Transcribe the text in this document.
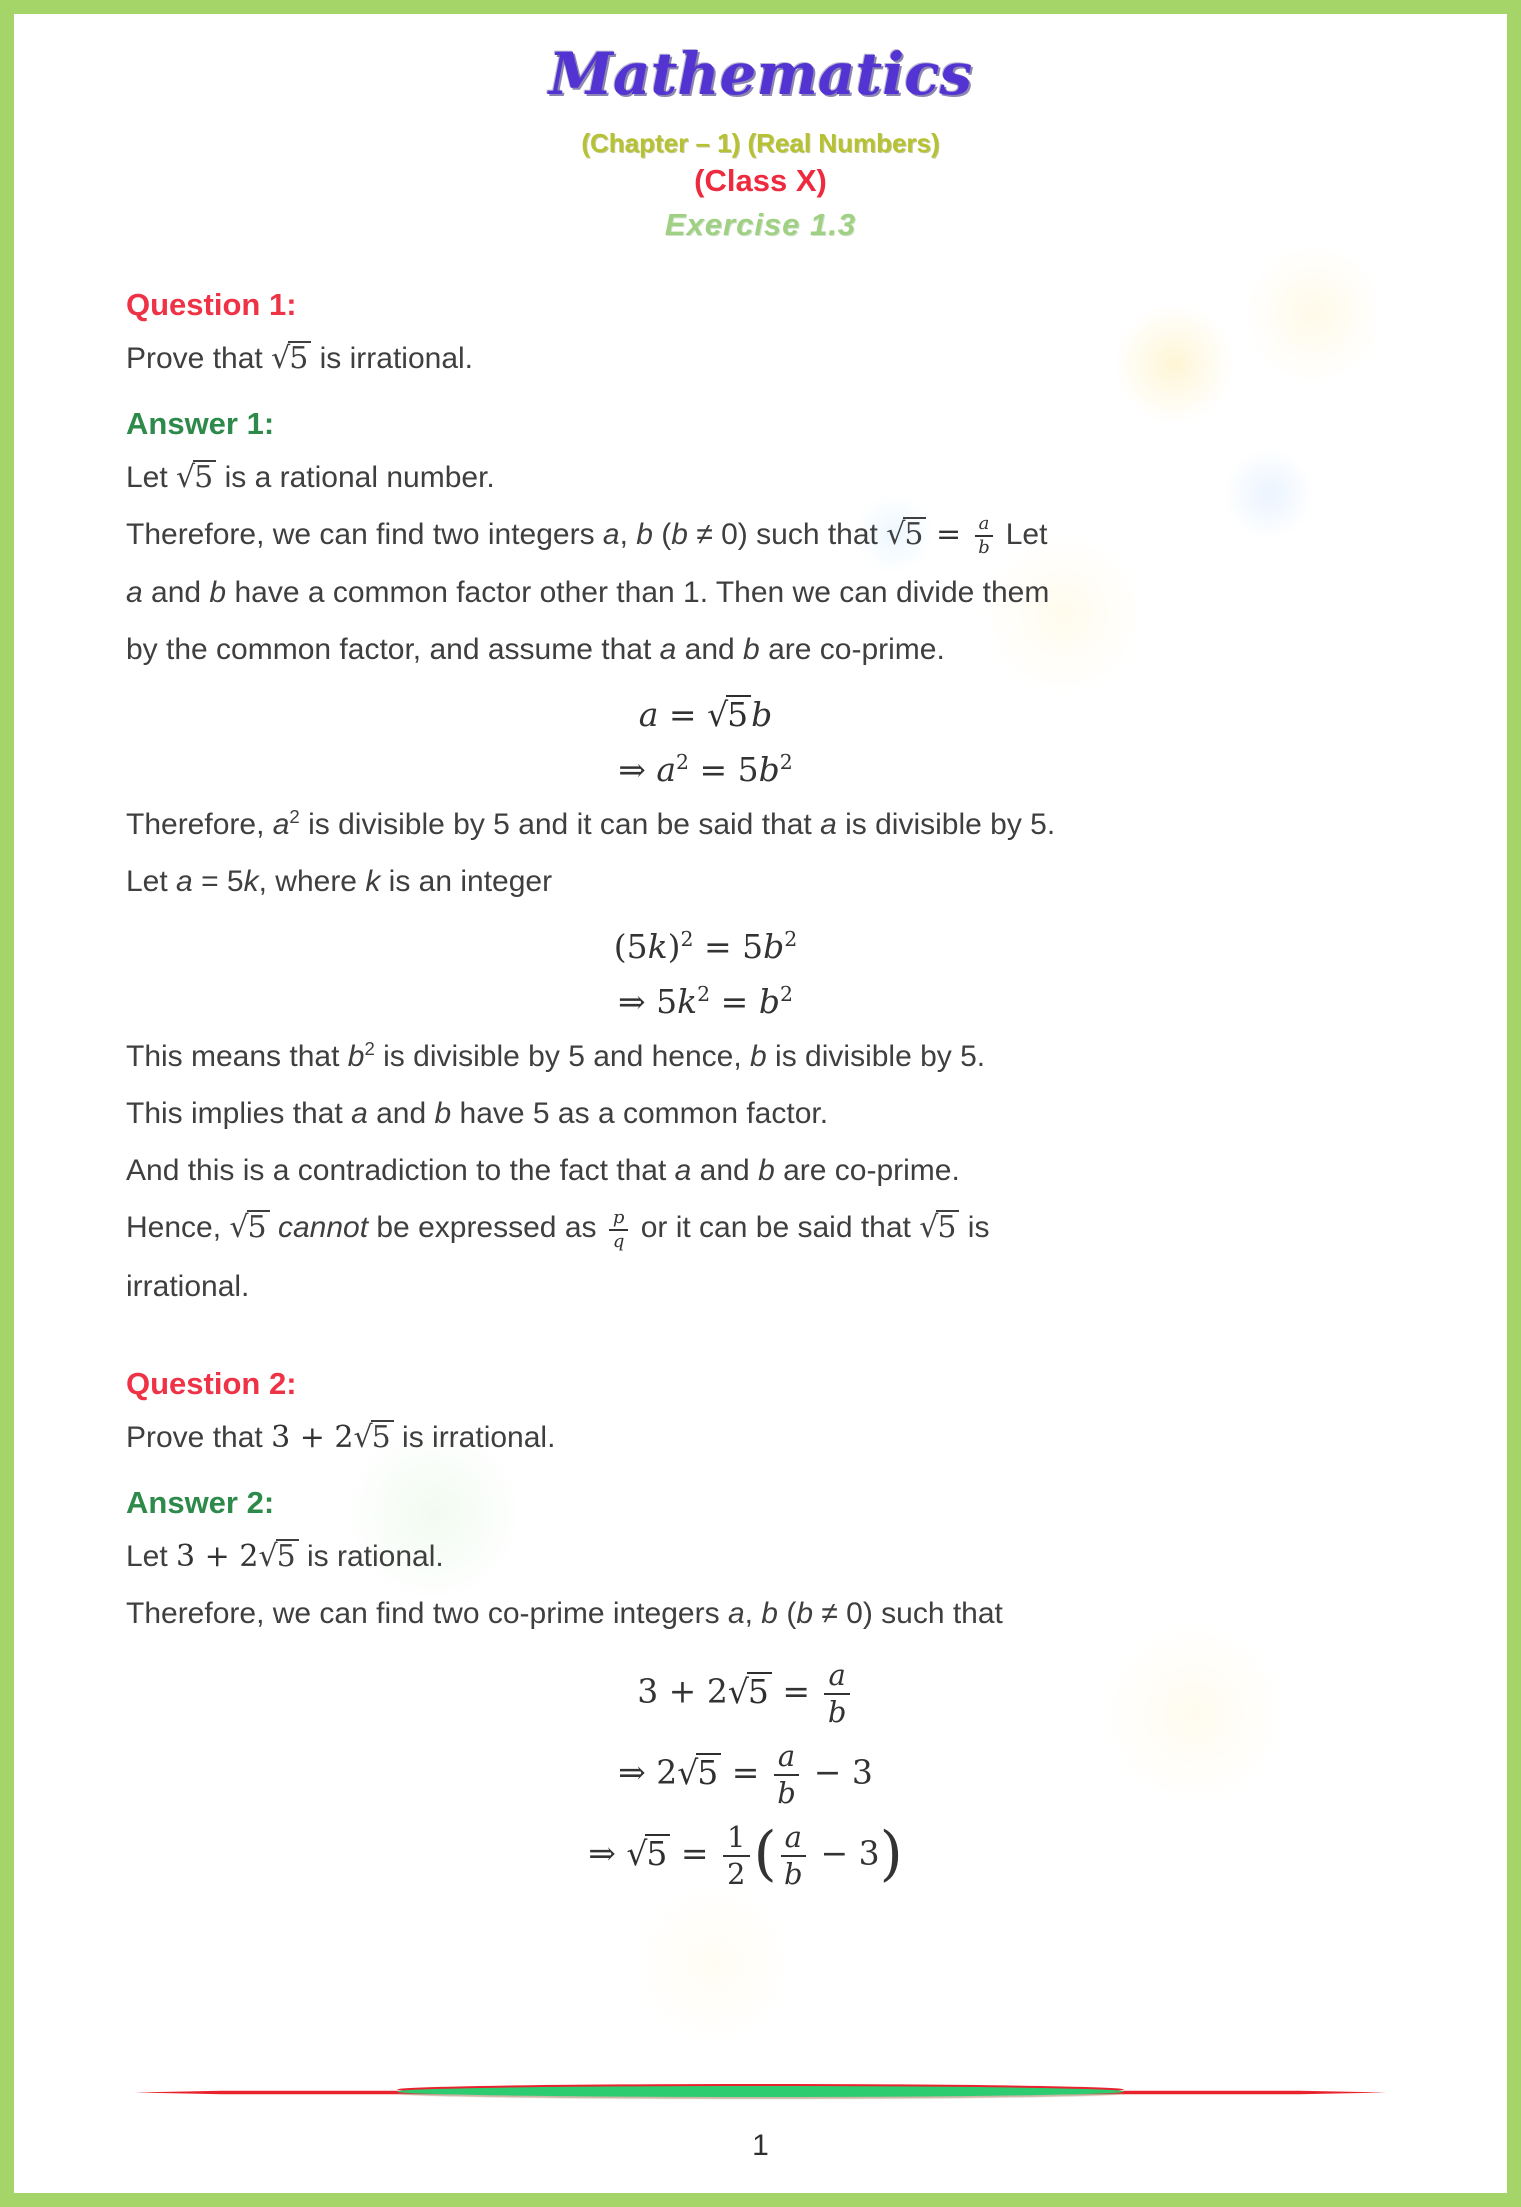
Mathematics
(Chapter – 1) (Real Numbers)
(Class X)
Exercise 1.3
Question 1:

Prove that √5 is irrational.

Answer 1:

Let √5 is a rational number.

Therefore, we can find two integers a, b (b ≠ 0) such that $√5 = \frac{a}{b}$ Let

a and b have a common factor other than 1. Then we can divide them

by the common factor, and assume that a and b are co-prime.

a = √5b
⇒ $a^2 = 5b^2$

Therefore, $a^2$ is divisible by 5 and it can be said that a is divisible by 5.

Let a = 5k, where k is an integer

$(5k)^2 = 5b^2$
⇒ $5k^2 = b^2$

This means that $b^2$ is divisible by 5 and hence, b is divisible by 5.

This implies that a and b have 5 as a common factor.

And this is a contradiction to the fact that a and b are co-prime.

Hence, √5 cannot be expressed as $\frac{p}{q}$ or it can be said that √5 is

irrational.

Question 2:

Prove that 3 + 2√5 is irrational.

Answer 2:

Let 3 + 2√5 is rational.

Therefore, we can find two co-prime integers a, b (b ≠ 0) such that

$3 + 2√5 = \frac{a}{b}$
⇒ $2√5 = \frac{a}{b} - 3$
⇒ $√5 = \frac{1}{2}$ ( $\frac{a}{b} - 3$)
1
